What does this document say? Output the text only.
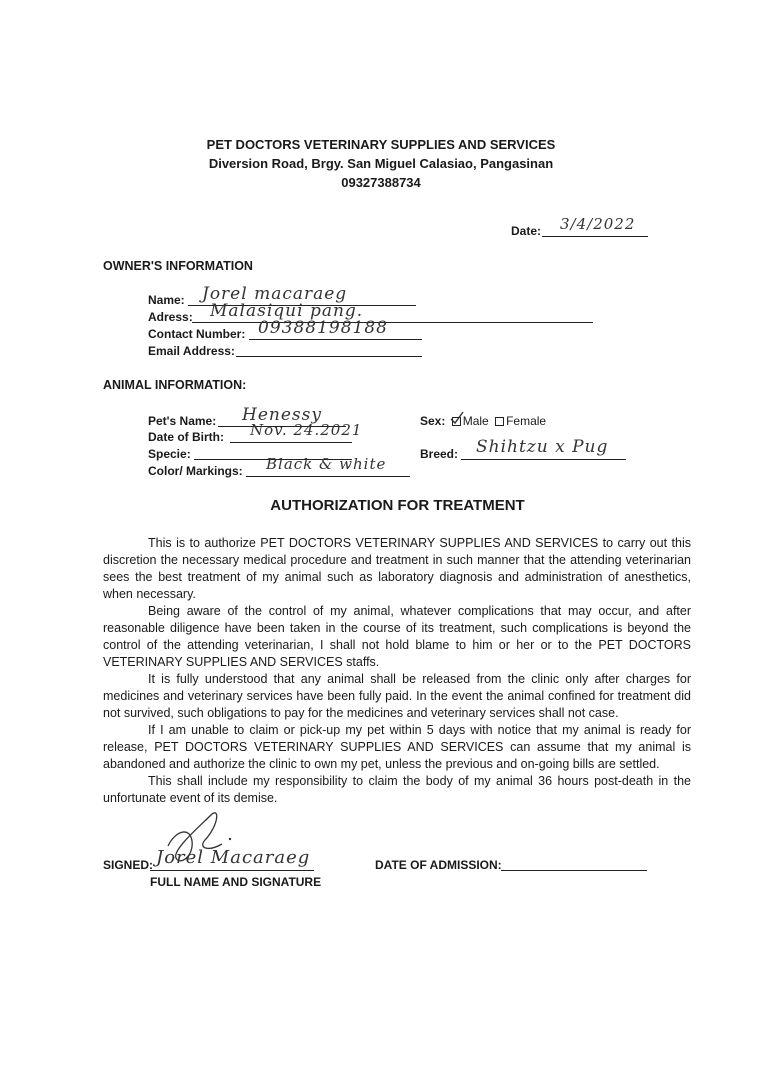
PET DOCTORS VETERINARY SUPPLIES AND SERVICES
Diversion Road, Brgy. San Miguel Calasiao, Pangasinan
09327388734
Date: 3/4/2022
OWNER'S INFORMATION
Name: Jorel macaraeg
Adress: Malasiqui pang.
Contact Number: 09388198188
Email Address:
ANIMAL INFORMATION:
Pet's Name: Henessy
Date of Birth: Nov. 24.2021
Specie:
Color/ Markings: Black & white
Sex: Male Female
Breed: Shihtzu x Pug
AUTHORIZATION FOR TREATMENT

This is to authorize PET DOCTORS VETERINARY SUPPLIES AND SERVICES to carry out this discretion the necessary medical procedure and treatment in such manner that the attending veterinarian sees the best treatment of my animal such as laboratory diagnosis and administration of anesthetics, when necessary.

Being aware of the control of my animal, whatever complications that may occur, and after reasonable diligence have been taken in the course of its treatment, such complications is beyond the control of the attending veterinarian, I shall not hold blame to him or her or to the PET DOCTORS VETERINARY SUPPLIES AND SERVICES staffs.

It is fully understood that any animal shall be released from the clinic only after charges for medicines and veterinary services have been fully paid. In the event the animal confined for treatment did not survived, such obligations to pay for the medicines and veterinary services shall not case.

If I am unable to claim or pick-up my pet within 5 days with notice that my animal is ready for release, PET DOCTORS VETERINARY SUPPLIES AND SERVICES can assume that my animal is abandoned and authorize the clinic to own my pet, unless the previous and on-going bills are settled.

This shall include my responsibility to claim the body of my animal 36 hours post-death in the unfortunate event of its demise.

SIGNED: Jorel Macaraeg
FULL NAME AND SIGNATURE
DATE OF ADMISSION:
